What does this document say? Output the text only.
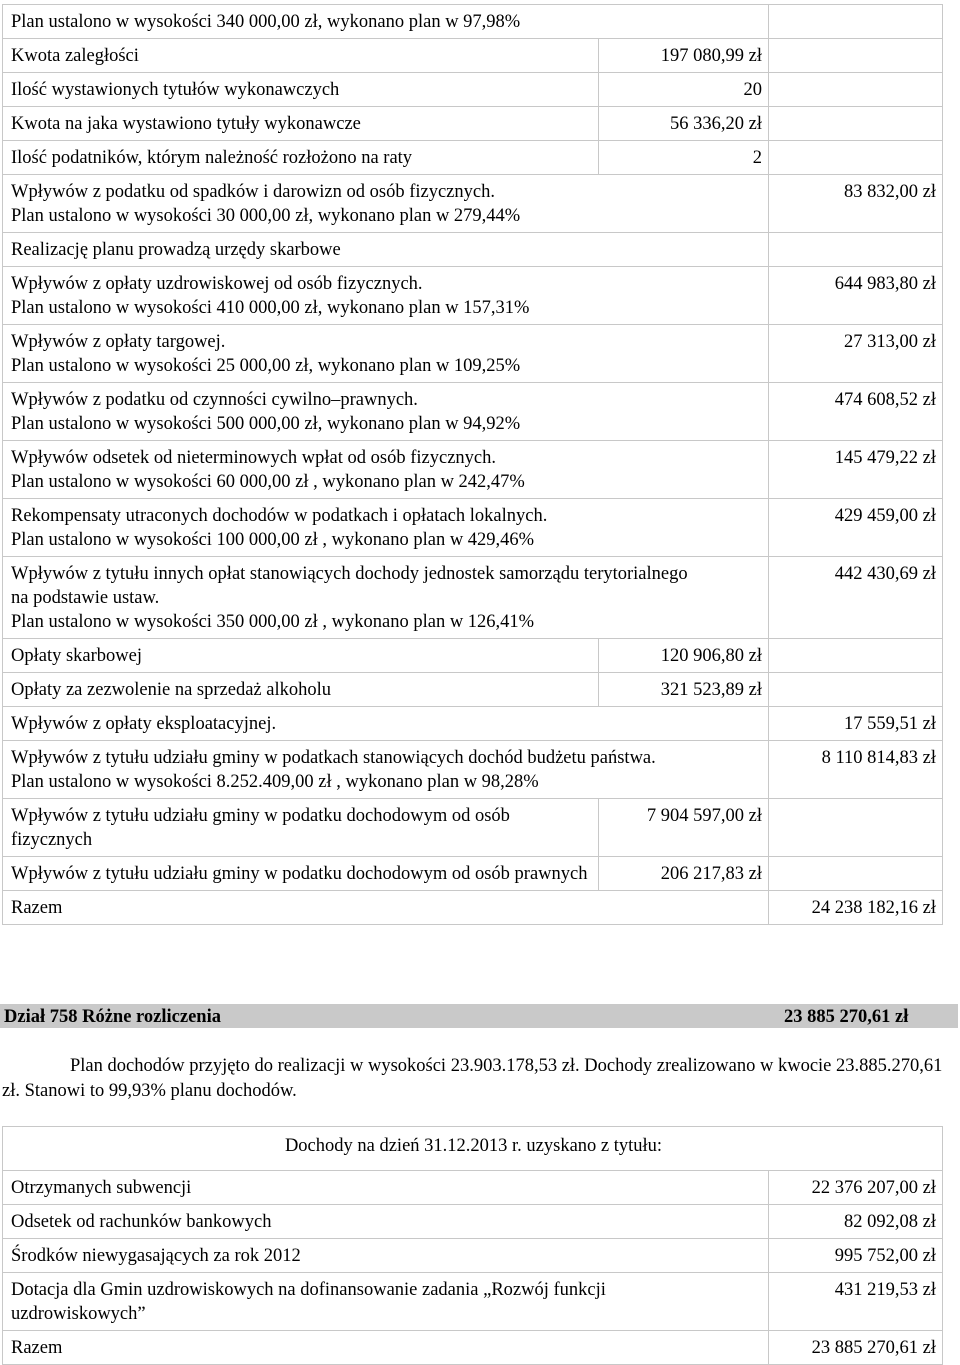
Plan ustalono w wysokości 340 000,00 zł, wykonano plan w 97,98%		
Kwota zaległości	197 080,99 zł	
Ilość wystawionych tytułów wykonawczych	20	
Kwota na jaka wystawiono tytuły wykonawcze	56 336,20 zł	
Ilość podatników, którym należność rozłożono na raty	2	
Wpływów z podatku od spadków i darowizn od osób fizycznych.
Plan ustalono w wysokości 30 000,00 zł, wykonano plan w 279,44%		83 832,00 zł
Realizację planu prowadzą urzędy skarbowe		
Wpływów z opłaty uzdrowiskowej od osób fizycznych.
Plan ustalono w wysokości 410 000,00 zł, wykonano plan w 157,31%		644 983,80 zł
Wpływów z opłaty targowej.
Plan ustalono w wysokości 25 000,00 zł, wykonano plan w 109,25%		27 313,00 zł
Wpływów z podatku od czynności cywilno–prawnych.
Plan ustalono w wysokości 500 000,00 zł, wykonano plan w 94,92%		474 608,52 zł
Wpływów odsetek od nieterminowych wpłat od osób fizycznych.
Plan ustalono w wysokości 60 000,00 zł , wykonano plan w 242,47%		145 479,22 zł
Rekompensaty utraconych dochodów w podatkach i opłatach lokalnych.
Plan ustalono w wysokości 100 000,00 zł , wykonano plan w 429,46%		429 459,00 zł
Wpływów z tytułu innych opłat stanowiących dochody jednostek samorządu terytorialnego na podstawie ustaw.
Plan ustalono w wysokości 350 000,00 zł , wykonano plan w 126,41%		442 430,69 zł
Opłaty skarbowej	120 906,80 zł	
Opłaty za zezwolenie na sprzedaż alkoholu	321 523,89 zł	
Wpływów z opłaty eksploatacyjnej.		17 559,51 zł
Wpływów z tytułu udziału gminy w podatkach stanowiących dochód budżetu państwa.
Plan ustalono w wysokości 8.252.409,00 zł , wykonano plan w 98,28%		8 110 814,83 zł
Wpływów z tytułu udziału gminy w podatku dochodowym od osób fizycznych	7 904 597,00 zł	
Wpływów z tytułu udziału gminy w podatku dochodowym od osób prawnych	206 217,83 zł	
Razem		24 238 182,16 zł
Dział 758 Różne rozliczenia	23 885 270,61 zł
Plan dochodów przyjęto do realizacji w wysokości 23.903.178,53 zł. Dochody zrealizowano w kwocie 23.885.270,61 zł. Stanowi to 99,93% planu dochodów.
Dochody na dzień 31.12.2013 r. uzyskano z tytułu:	
Otrzymanych subwencji	22 376 207,00 zł
Odsetek od rachunków bankowych	82 092,08 zł
Środków niewygasających za rok 2012	995 752,00 zł
Dotacja dla Gmin uzdrowiskowych na dofinansowanie zadania „Rozwój funkcji uzdrowiskowych”	431 219,53 zł
Razem	23 885 270,61 zł
